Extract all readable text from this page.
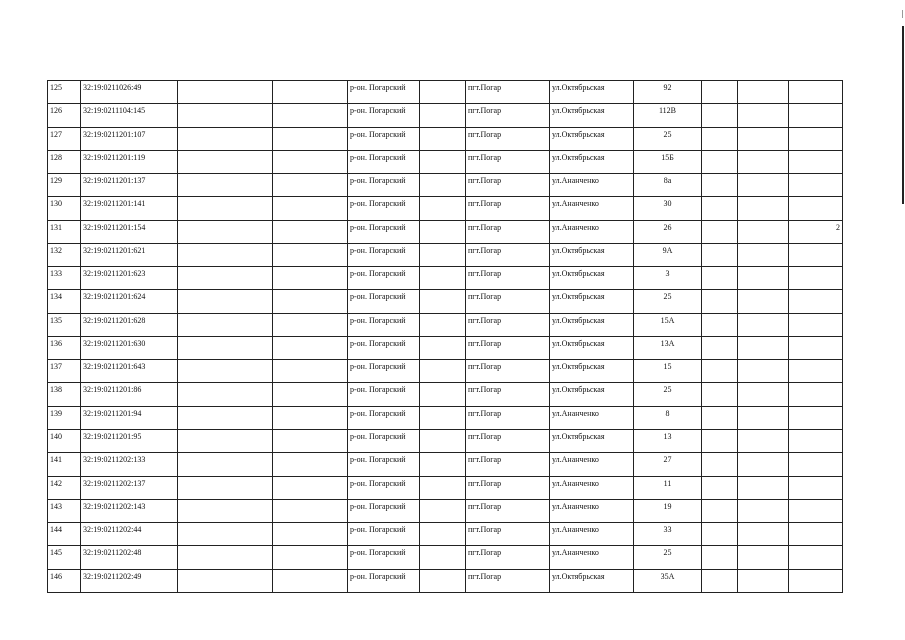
125	32:19:0211026:49			р-он. Погарский		пгт.Погар	ул.Октябрьская	92			
126	32:19:0211104:145			р-он. Погарский		пгт.Погар	ул.Октябрьская	112В			
127	32:19:0211201:107			р-он. Погарский		пгт.Погар	ул.Октябрьская	25			
128	32:19:0211201:119			р-он. Погарский		пгт.Погар	ул.Октябрьская	15Б			
129	32:19:0211201:137			р-он. Погарский		пгт.Погар	ул.Ананченко	8а			
130	32:19:0211201:141			р-он. Погарский		пгт.Погар	ул.Ананченко	30			
131	32:19:0211201:154			р-он. Погарский		пгт.Погар	ул.Ананченко	26			2
132	32:19:0211201:621			р-он. Погарский		пгт.Погар	ул.Октябрьская	9А			
133	32:19:0211201:623			р-он. Погарский		пгт.Погар	ул.Октябрьская	3			
134	32:19:0211201:624			р-он. Погарский		пгт.Погар	ул.Октябрьская	25			
135	32:19:0211201:628			р-он. Погарский		пгт.Погар	ул.Октябрьская	15А			
136	32:19:0211201:630			р-он. Погарский		пгт.Погар	ул.Октябрьская	13А			
137	32:19:0211201:643			р-он. Погарский		пгт.Погар	ул.Октябрьская	15			
138	32:19:0211201:86			р-он. Погарский		пгт.Погар	ул.Октябрьская	25			
139	32:19:0211201:94			р-он. Погарский		пгт.Погар	ул.Ананченко	8			
140	32:19:0211201:95			р-он. Погарский		пгт.Погар	ул.Октябрьская	13			
141	32:19:0211202:133			р-он. Погарский		пгт.Погар	ул.Ананченко	27			
142	32:19:0211202:137			р-он. Погарский		пгт.Погар	ул.Ананченко	11			
143	32:19:0211202:143			р-он. Погарский		пгт.Погар	ул.Ананченко	19			
144	32:19:0211202:44			р-он. Погарский		пгт.Погар	ул.Ананченко	33			
145	32:19:0211202:48			р-он. Погарский		пгт.Погар	ул.Ананченко	25			
146	32:19:0211202:49			р-он. Погарский		пгт.Погар	ул.Октябрьская	35А			
